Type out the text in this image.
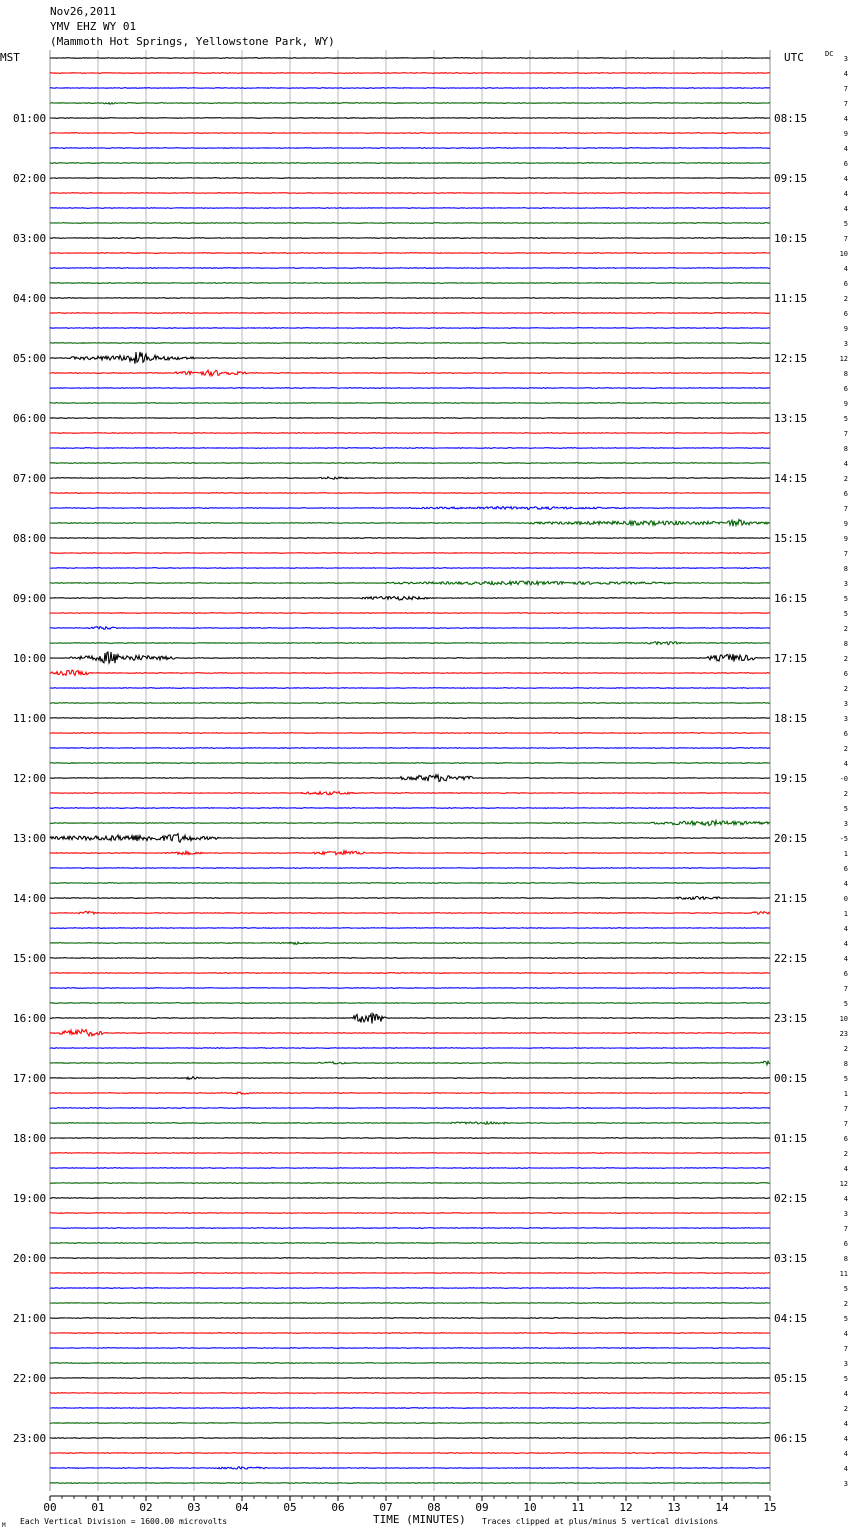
Nov26,2011
YMV EHZ WY 01
(Mammoth Hot Springs, Yellowstone Park, WY)
MST	UTC	DC
01:00
02:00
03:00
04:00
05:00
06:00
07:00
08:00
09:00
10:00
11:00
12:00
13:00
14:00
15:00
16:00
17:00
18:00
19:00
20:00
21:00
22:00
23:00
08:15
09:15
10:15
11:15
12:15
13:15
14:15
15:15
16:15
17:15
18:15
19:15
20:15
21:15
22:15
23:15
00:15
01:15
02:15
03:15
04:15
05:15
06:15
3
4
7
7
4
9
4
6
4
4
4
5
7
10
4
6
2
6
9
3
12
8
6
9
5
7
8
4
2
6
7
9
9
7
8
3
5
5
2
8
2
6
2
3
3
6
2
4
-0
2
5
3
-5
1
6
4
0
1
4
4
4
6
7
5
10
23
2
8
5
1
7
7
6
2
4
12
4
3
7
6
8
11
5
2
5
4
7
3
5
4
2
4
4
4
4
3
00	01	02	03	04	05	06	07	08	09	10	11	12	13	14	15
TIME (MINUTES)
M Each Vertical Division = 1600.00 microvolts	Traces clipped at plus/minus 5 vertical divisions
